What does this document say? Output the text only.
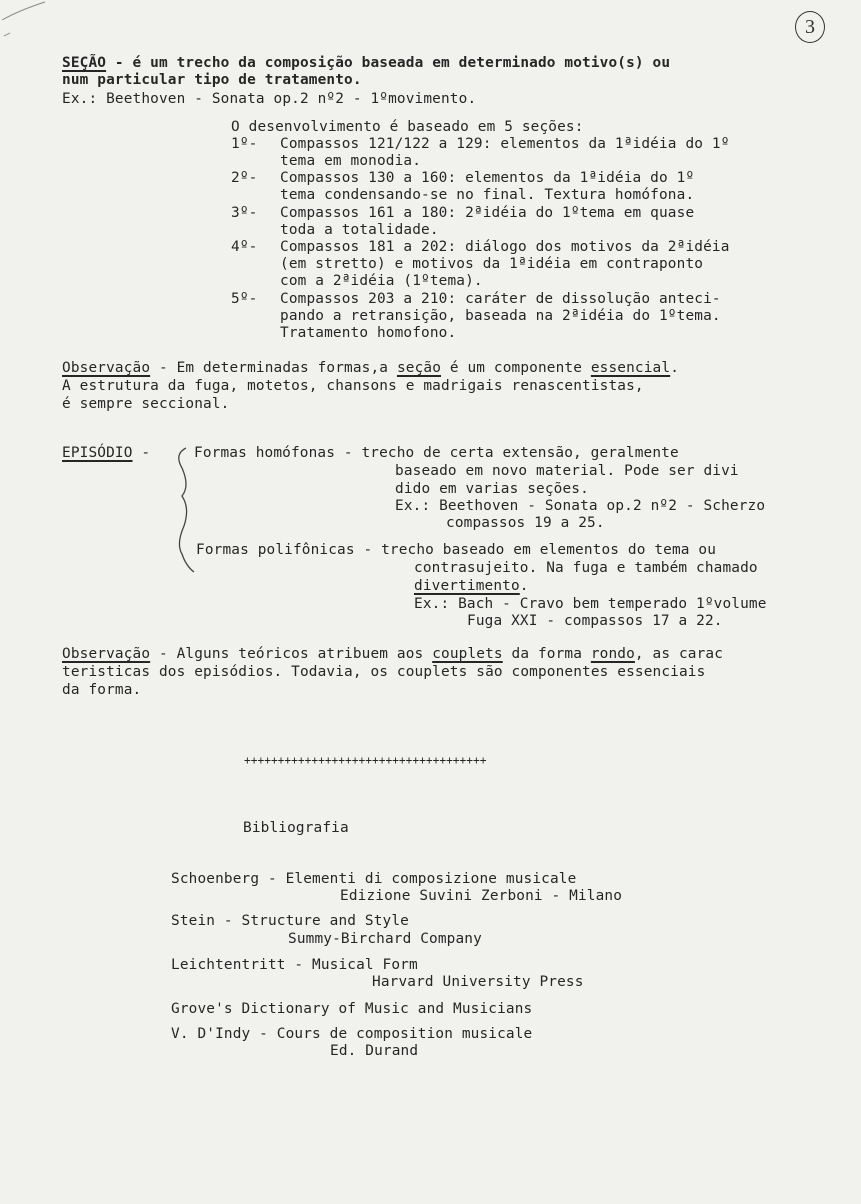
3
SEÇÃO - é um trecho da composição baseada em determinado motivo(s) ou
num particular tipo de tratamento.
Ex.: Beethoven - Sonata op.2 nº2 - 1ºmovimento.
O desenvolvimento é baseado em 5 seções:
1º- Compassos 121/122 a 129: elementos da 1ªidéia do 1º
tema em monodia.
2º- Compassos 130 a 160: elementos da 1ªidéia do 1º
tema condensando-se no final. Textura homófona.
3º- Compassos 161 a 180: 2ªidéia do 1ºtema em quase
toda a totalidade.
4º- Compassos 181 a 202: diálogo dos motivos da 2ªidéia
(em stretto) e motivos da 1ªidéia em contraponto
com a 2ªidéia (1ºtema).
5º- Compassos 203 a 210: caráter de dissolução anteci-
pando a retransição, baseada na 2ªidéia do 1ºtema.
Tratamento homofono.
Observação - Em determinadas formas,a seção é um componente essencial.
A estrutura da fuga, motetos, chansons e madrigais renascentistas,
é sempre seccional.
EPISÓDIO -	Formas homófonas - trecho de certa extensão, geralmente
baseado em novo material. Pode ser divi
dido em varias seções.
Ex.: Beethoven - Sonata op.2 nº2 - Scherzo
compassos 19 a 25.
Formas polifônicas - trecho baseado em elementos do tema ou
contrasujeito. Na fuga e também chamado
divertimento.
Ex.: Bach - Cravo bem temperado 1ºvolume
Fuga XXI - compassos 17 a 22.
Observação - Alguns teóricos atribuem aos couplets da forma rondo, as carac
teristicas dos episódios. Todavia, os couplets são componentes essenciais
da forma.
++++++++++++++++++++++++++++++++++++
Bibliografia
Schoenberg - Elementi di composizione musicale
Edizione Suvini Zerboni - Milano
Stein - Structure and Style
Summy-Birchard Company
Leichtentritt - Musical Form
Harvard University Press
Grove's Dictionary of Music and Musicians
V. D'Indy - Cours de composition musicale
Ed. Durand
